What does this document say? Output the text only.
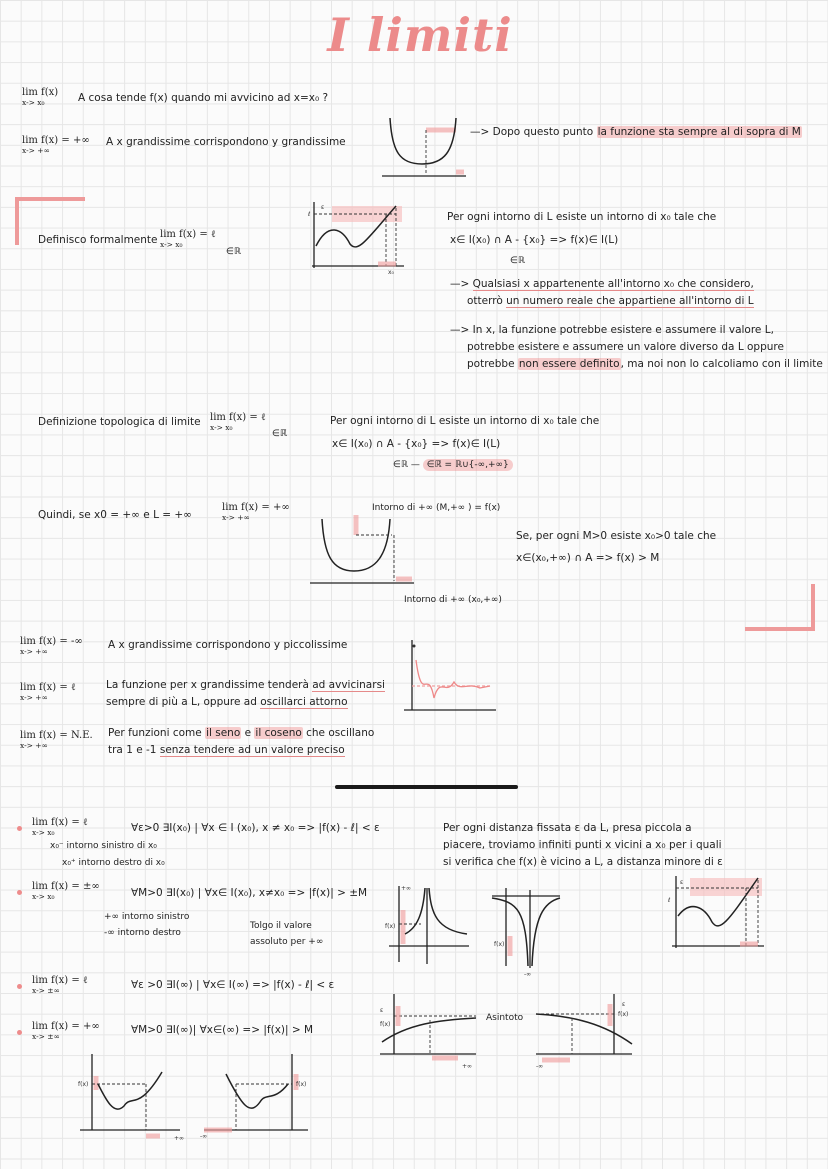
I limiti
lim f(x)
x-> x₀	A cosa tende f(x) quando mi avvicino ad x=x₀ ?
lim f(x) = +∞
x-> +∞
A x grandissime corrispondono y grandissime
—> Dopo questo punto la funzione sta sempre al di sopra di M
Definisco formalmente lim f(x) = ℓ
x-> x₀
∈ℝ
ε
ℓ
x₀
Per ogni intorno di L esiste un intorno di x₀ tale che
x∈ I(x₀) ∩ A - {x₀} => f(x)∈ I(L)
∈ℝ
—> Qualsiasi x appartenente all'intorno x₀ che considero,
otterrò un numero reale che appartiene all'intorno di L
—> In x, la funzione potrebbe esistere e assumere il valore L,
potrebbe esistere e assumere un valore diverso da L oppure
potrebbe non essere definito, ma noi non lo calcoliamo con il limite
Definizione topologica di limite lim f(x) = ℓ
x-> x₀
∈ℝ̄
Per ogni intorno di L esiste un intorno di x₀ tale che
x∈ I(x₀) ∩ A - {x₀} => f(x)∈ I(L)
∈ℝ — ∈ℝ̄ = ℝ∪{-∞,+∞}
Quindi, se x0 = +∞ e L = +∞
lim f(x) = +∞
x-> +∞
Intorno di +∞ (M,+∞ ) = f(x)
Intorno di +∞ (x₀,+∞)
Se, per ogni M>0 esiste x₀>0 tale che
x∈(x₀,+∞) ∩ A => f(x) > M
lim f(x) = -∞
x-> +∞	A x grandissime corrispondono y piccolissime
lim f(x) = ℓ
x-> +∞
La funzione per x grandissime tenderà ad avvicinarsi
sempre di più a L, oppure ad oscillarci attorno
lim f(x) = N.E.
x-> +∞
Per funzioni come il seno e il coseno che oscillano
tra 1 e -1 senza tendere ad un valore preciso
lim f(x) = ℓ
x-> x₀	∀ε>0 ∃I(x₀) | ∀x ∈ I (x₀), x ≠ x₀ => |f(x) - ℓ| < ε
x₀⁻ intorno sinistro di x₀
x₀⁺ intorno destro di x₀
Per ogni distanza fissata ε da L, presa piccola a
piacere, troviamo infiniti punti x vicini a x₀ per i quali
si verifica che f(x) è vicino a L, a distanza minore di ε
lim f(x) = ±∞
x-> x₀	∀M>0 ∃I(x₀) | ∀x∈ I(x₀), x≠x₀ => |f(x)| > ±M
+∞ intorno sinistro
-∞ intorno destro
Tolgo il valore
assoluto per +∞
f(x)
+∞
f(x)
-∞
ε
ℓ
lim f(x) = ℓ
x-> ±∞	∀ε >0 ∃I(∞) | ∀x∈ I(∞) => |f(x) - ℓ| < ε
lim f(x) = +∞
x-> ±∞	∀M>0 ∃I(∞)| ∀x∈(∞) => |f(x)| > M
ε
f(x)
+∞
Asintoto	f(x)
ε
-∞
f(x)
+∞
f(x)
-∞
